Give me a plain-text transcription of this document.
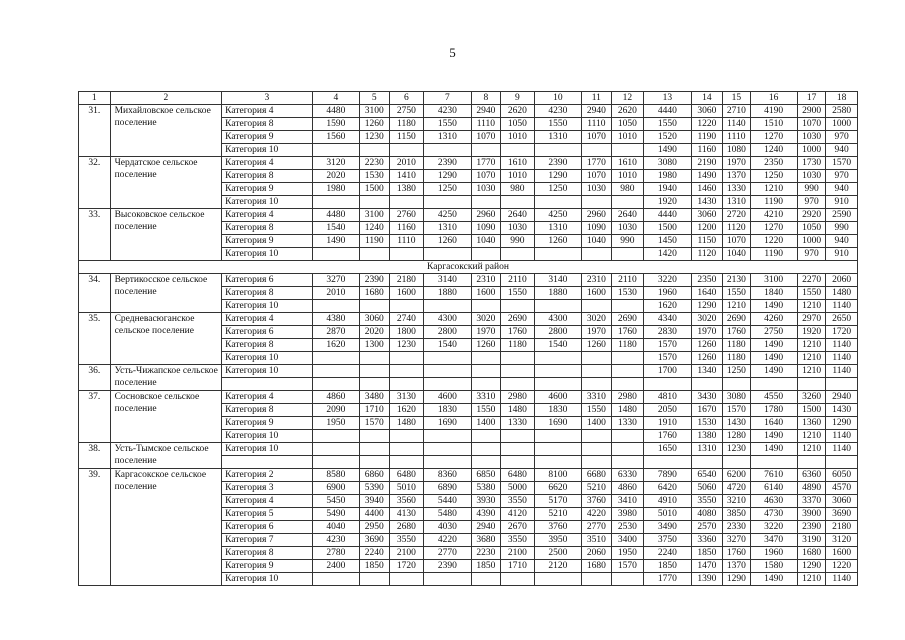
5
1	2	3	4	5	6	7	8	9	10	11	12	13	14	15	16	17	18
31.	Михайловское сельское поселение	Категория 4	4480	3100	2750	4230	2940	2620	4230	2940	2620	4440	3060	2710	4190	2900	2580
		Категория 8	1590	1260	1180	1550	1110	1050	1550	1110	1050	1550	1220	1140	1510	1070	1000
		Категория 9	1560	1230	1150	1310	1070	1010	1310	1070	1010	1520	1190	1110	1270	1030	970
		Категория 10										1490	1160	1080	1240	1000	940
32.	Чердатское сельское поселение	Категория 4	3120	2230	2010	2390	1770	1610	2390	1770	1610	3080	2190	1970	2350	1730	1570
		Категория 8	2020	1530	1410	1290	1070	1010	1290	1070	1010	1980	1490	1370	1250	1030	970
		Категория 9	1980	1500	1380	1250	1030	980	1250	1030	980	1940	1460	1330	1210	990	940
		Категория 10										1920	1430	1310	1190	970	910
33.	Высоковское сельское поселение	Категория 4	4480	3100	2760	4250	2960	2640	4250	2960	2640	4440	3060	2720	4210	2920	2590
		Категория 8	1540	1240	1160	1310	1090	1030	1310	1090	1030	1500	1200	1120	1270	1050	990
		Категория 9	1490	1190	1110	1260	1040	990	1260	1040	990	1450	1150	1070	1220	1000	940
		Категория 10										1420	1120	1040	1190	970	910
Каргасокский район																	
34.	Вертикосское сельское поселение	Категория 6	3270	2390	2180	3140	2310	2110	3140	2310	2110	3220	2350	2130	3100	2270	2060
		Категория 8	2010	1680	1600	1880	1600	1550	1880	1600	1530	1960	1640	1550	1840	1550	1480
		Категория 10										1620	1290	1210	1490	1210	1140
35.	Средневасюганское сельское поселение	Категория 4	4380	3060	2740	4300	3020	2690	4300	3020	2690	4340	3020	2690	4260	2970	2650
		Категория 6	2870	2020	1800	2800	1970	1760	2800	1970	1760	2830	1970	1760	2750	1920	1720
		Категория 8	1620	1300	1230	1540	1260	1180	1540	1260	1180	1570	1260	1180	1490	1210	1140
		Категория 10										1570	1260	1180	1490	1210	1140
36.	Усть-Чижапское сельское поселение	Категория 10										1700	1340	1250	1490	1210	1140

37.	Сосновское сельское поселение	Категория 4	4860	3480	3130	4600	3310	2980	4600	3310	2980	4810	3430	3080	4550	3260	2940
		Категория 8	2090	1710	1620	1830	1550	1480	1830	1550	1480	2050	1670	1570	1780	1500	1430
		Категория 9	1950	1570	1480	1690	1400	1330	1690	1400	1330	1910	1530	1430	1640	1360	1290
		Категория 10										1760	1380	1280	1490	1210	1140
38.	Усть-Тымское сельское поселение	Категория 10										1650	1310	1230	1490	1210	1140

39.	Каргасокское сельское поселение	Категория 2	8580	6860	6480	8360	6850	6480	8100	6680	6330	7890	6540	6200	7610	6360	6050
		Категория 3	6900	5390	5010	6890	5380	5000	6620	5210	4860	6420	5060	4720	6140	4890	4570
		Категория 4	5450	3940	3560	5440	3930	3550	5170	3760	3410	4910	3550	3210	4630	3370	3060
		Категория 5	5490	4400	4130	5480	4390	4120	5210	4220	3980	5010	4080	3850	4730	3900	3690
		Категория 6	4040	2950	2680	4030	2940	2670	3760	2770	2530	3490	2570	2330	3220	2390	2180
		Категория 7	4230	3690	3550	4220	3680	3550	3950	3510	3400	3750	3360	3270	3470	3190	3120
		Категория 8	2780	2240	2100	2770	2230	2100	2500	2060	1950	2240	1850	1760	1960	1680	1600
		Категория 9	2400	1850	1720	2390	1850	1710	2120	1680	1570	1850	1470	1370	1580	1290	1220
		Категория 10										1770	1390	1290	1490	1210	1140
